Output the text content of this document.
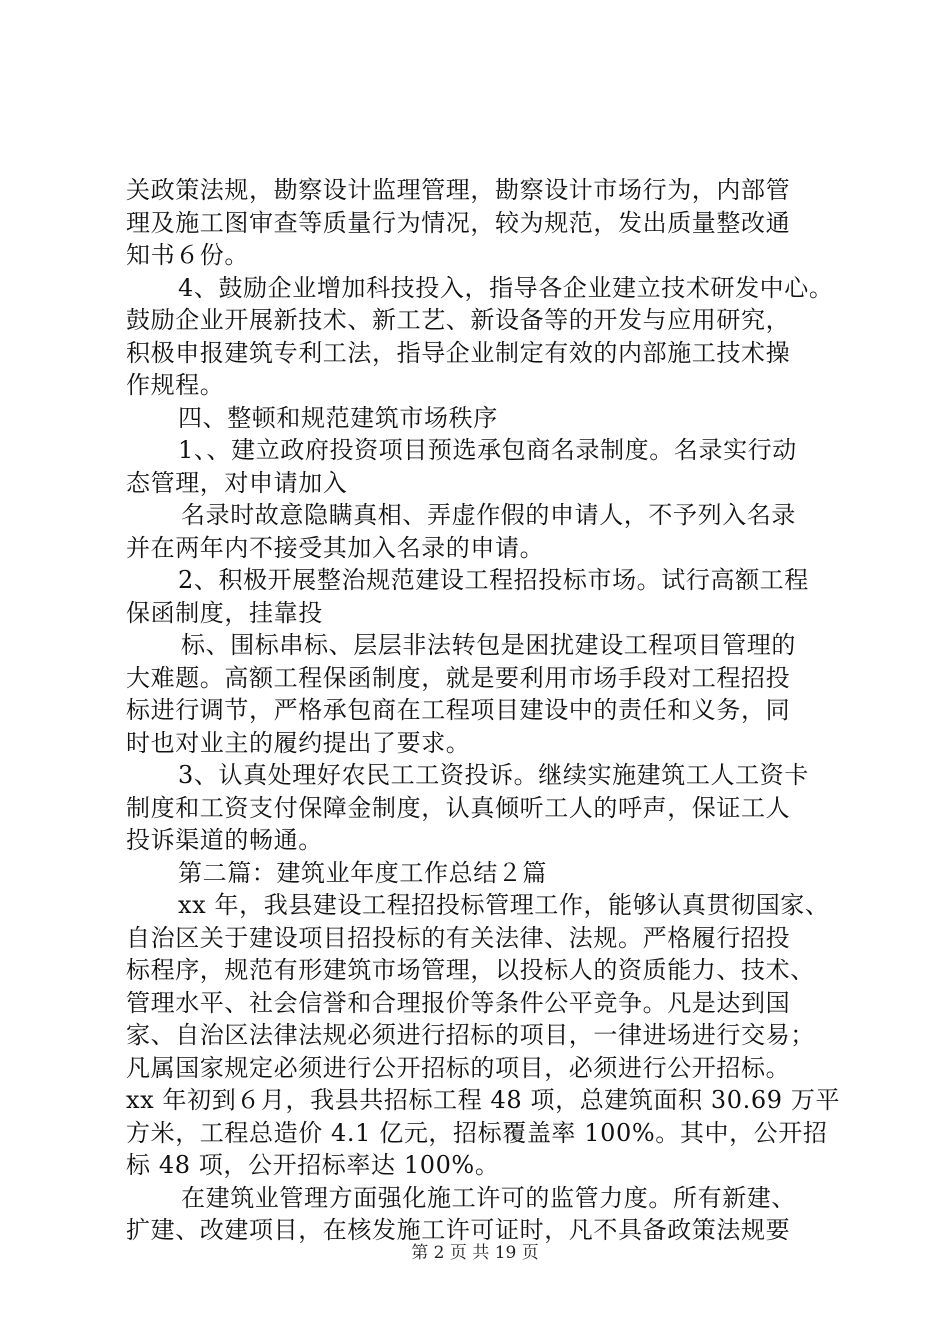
关政策法规，勘察设计监理管理，勘察设计市场行为，内部管
理及施工图审查等质量行为情况，较为规范，发出质量整改通
知书６份。
4、鼓励企业增加科技投入，指导各企业建立技术研发中心。
鼓励企业开展新技术、新工艺、新设备等的开发与应用研究，
积极申报建筑专利工法，指导企业制定有效的内部施工技术操
作规程。
四、整顿和规范建筑市场秩序
1、、建立政府投资项目预选承包商名录制度。名录实行动
态管理，对申请加入
名录时故意隐瞒真相、弄虚作假的申请人，不予列入名录
并在两年内不接受其加入名录的申请。
2、积极开展整治规范建设工程招投标市场。试行高额工程
保函制度，挂靠投
标、围标串标、层层非法转包是困扰建设工程项目管理的
大难题。高额工程保函制度，就是要利用市场手段对工程招投
标进行调节，严格承包商在工程项目建设中的责任和义务，同
时也对业主的履约提出了要求。
3、认真处理好农民工工资投诉。继续实施建筑工人工资卡
制度和工资支付保障金制度，认真倾听工人的呼声，保证工人
投诉渠道的畅通。
第二篇：建筑业年度工作总结２篇
xx 年，我县建设工程招投标管理工作，能够认真贯彻国家、
自治区关于建设项目招投标的有关法律、法规。严格履行招投
标程序，规范有形建筑市场管理，以投标人的资质能力、技术、
管理水平、社会信誉和合理报价等条件公平竞争。凡是达到国
家、自治区法律法规必须进行招标的项目，一律进场进行交易；
凡属国家规定必须进行公开招标的项目，必须进行公开招标。
xx 年初到６月，我县共招标工程 48 项，总建筑面积 30.69 万平
方米，工程总造价 4.1 亿元，招标覆盖率 100%。其中，公开招
标 48 项，公开招标率达 100%。
在建筑业管理方面强化施工许可的监管力度。所有新建、
扩建、改建项目，在核发施工许可证时，凡不具备政策法规要
第 2 页 共 19 页
